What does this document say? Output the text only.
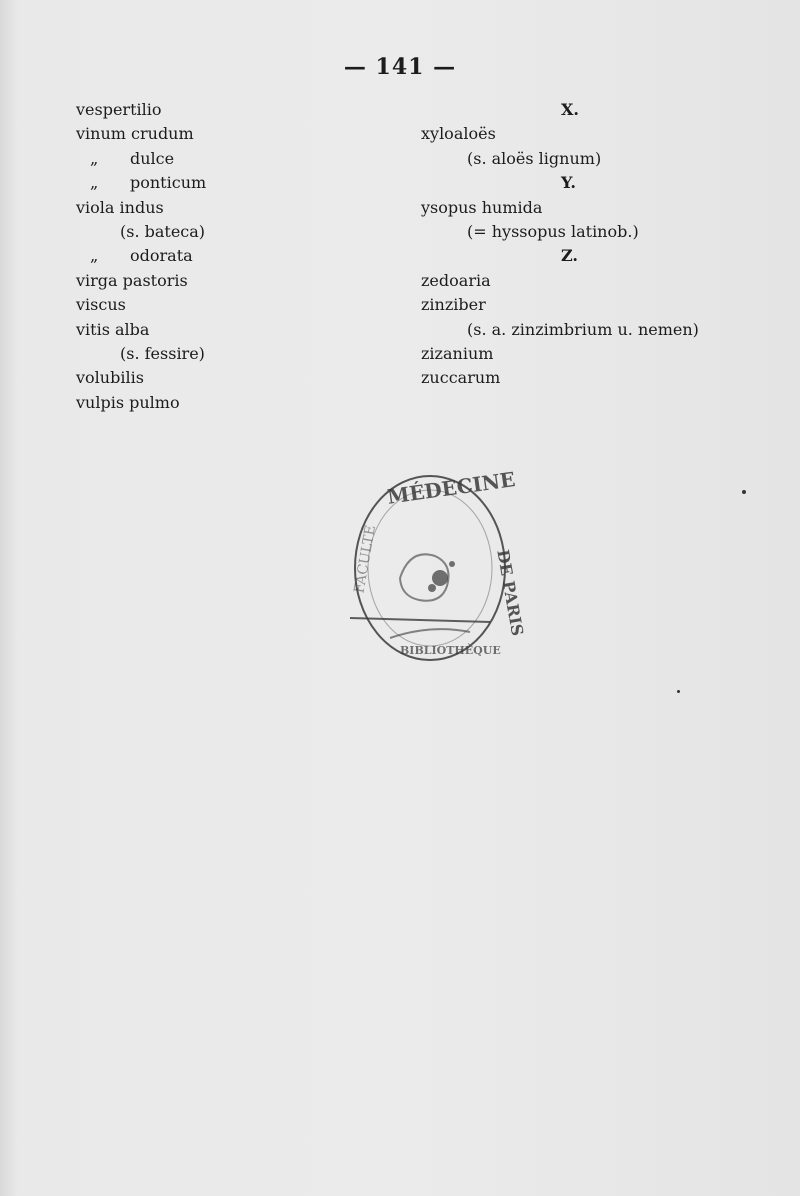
— 141 —
vespertilio
vinum crudum
„ dulce
„ ponticum
viola indus
(s. bateca)
„ odorata
virga pastoris
viscus
vitis alba
(s. fessire)
volubilis
vulpis pulmo
X.
xyloaloës
(s. aloës lignum)
Y.
ysopus humida
(= hyssopus latinob.)
Z.
zedoaria
zinziber
(s. a. zinzimbrium u. nemen)
zizanium
zuccarum
MÉDECINE
DE PARIS
FACULTÉ
BIBLIOTHÈQUE
